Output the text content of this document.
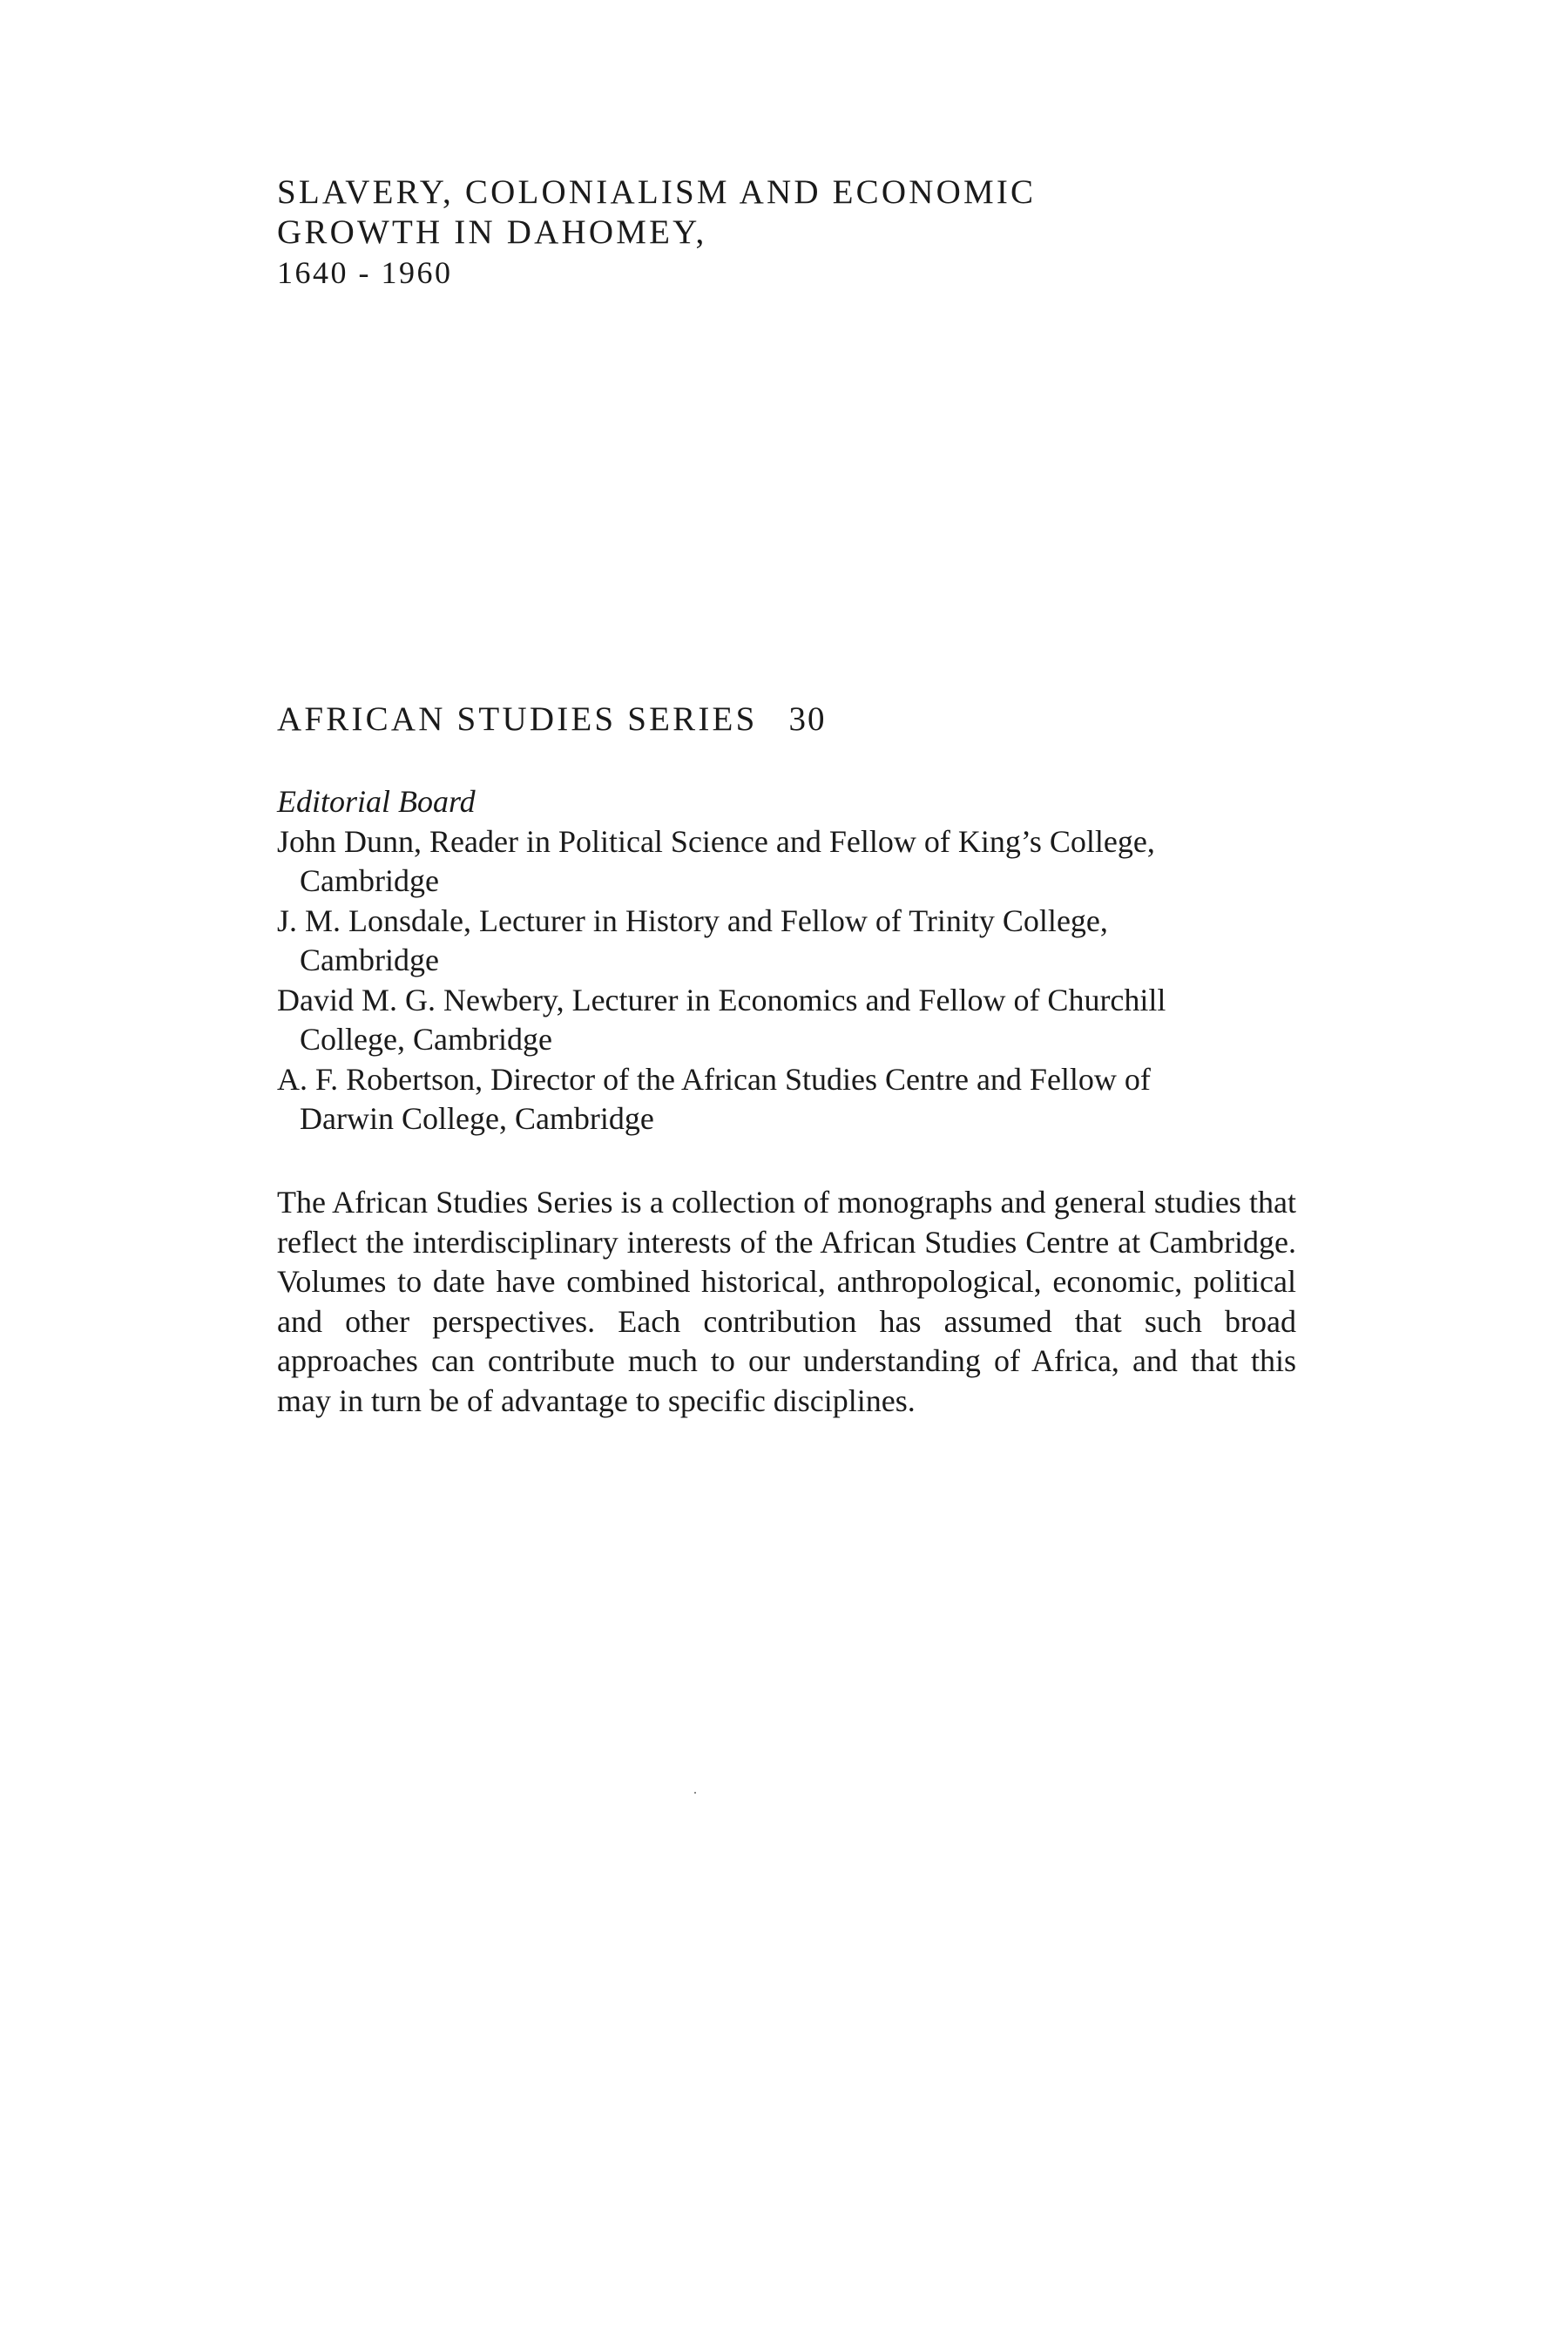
SLAVERY, COLONIALISM AND ECONOMIC

GROWTH IN DAHOMEY,

1640 - 1960

AFRICAN STUDIES SERIES 30

Editorial Board

John Dunn, Reader in Political Science and Fellow of King’s College, Cambridge

J. M. Lonsdale, Lecturer in History and Fellow of Trinity College, Cambridge

David M. G. Newbery, Lecturer in Economics and Fellow of Churchill College, Cambridge

A. F. Robertson, Director of the African Studies Centre and Fellow of Darwin College, Cambridge

The African Studies Series is a collection of monographs and general studies that reflect the interdisciplinary interests of the African Studies Centre at Cambridge. Volumes to date have combined historical, anthropological, economic, political and other perspectives. Each contribution has assumed that such broad approaches can contribute much to our understanding of Africa, and that this may in turn be of advantage to specific disciplines.
